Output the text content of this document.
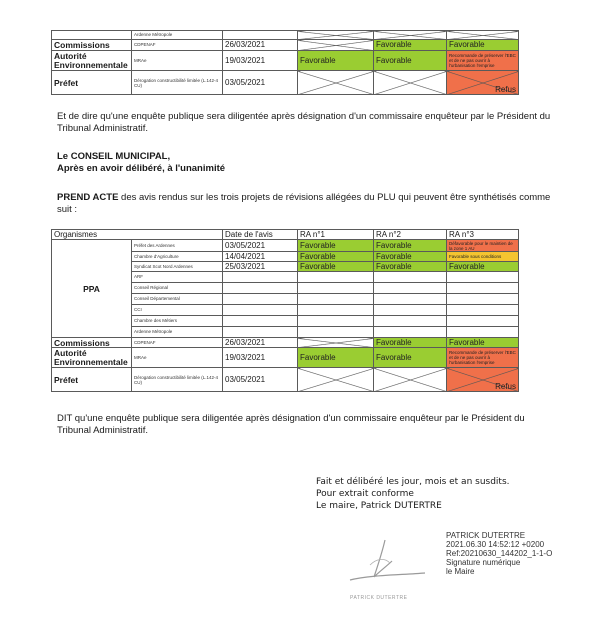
	Ardenne Métropole				
Commissions	CDPENAF	26/03/2021		Favorable	Favorable
Autorité Environnementale	MRAe	19/03/2021	Favorable	Favorable	Recommande de préserver l'EBC et de ne pas ouvrir à l'urbanisation l'emprise
Préfet	Dérogation constructibilité limitée (L.142-4 CU)	03/05/2021			Refus
Et de dire qu'une enquête publique sera diligentée après désignation d'un commissaire enquêteur par le Président du Tribunal Administratif.
Le CONSEIL MUNICIPAL,
Après en avoir délibéré, à l'unanimité
PREND ACTE des avis rendus sur les trois projets de révisions allégées du PLU qui peuvent être synthétisés comme suit :
Organismes		Date de l'avis	RA n°1	RA n°2	RA n°3
PPA	Préfet des Ardennes	03/05/2021	Favorable	Favorable	Défavorable pour le maintien de la zone 1 AU
	Chambre d'Agriculture	14/04/2021	Favorable	Favorable	Favorable sous conditions
	Syndicat Scot Nord Ardennes	25/03/2021	Favorable	Favorable	Favorable
	ARF				
	Conseil Régional				
	Conseil Départemental				
	CCI				
	Chambre des Métiers				
	Ardenne Métropole				
Commissions	CDPENAF	26/03/2021		Favorable	Favorable
Autorité Environnementale	MRAe	19/03/2021	Favorable	Favorable	Recommande de préserver l'EBC et de ne pas ouvrir à l'urbanisation l'emprise
Préfet	Dérogation constructibilité limitée (L.142-4 CU)	03/05/2021			Refus
DIT qu'une enquête publique sera diligentée après désignation d'un commissaire enquêteur par le Président du Tribunal Administratif.
Fait et délibéré les jour, mois et an susdits.
Pour extrait conforme
Le maire, Patrick DUTERTRE
PATRICK DUTERTRE
PATRICK DUTERTRE
2021.06.30 14:52:12 +0200
Ref:20210630_144202_1-1-O
Signature numérique
le Maire
